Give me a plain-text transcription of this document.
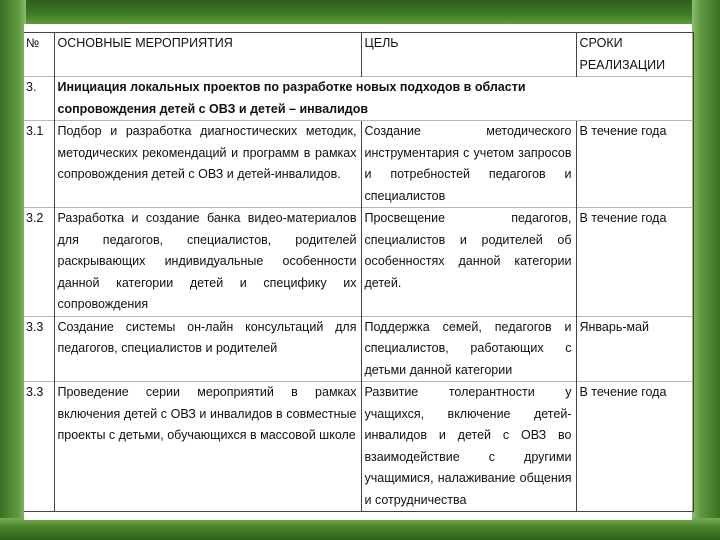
№	ОСНОВНЫЕ МЕРОПРИЯТИЯ	ЦЕЛЬ	СРОКИ РЕАЛИЗАЦИИ
3.	Инициация локальных проектов по разработке новых подходов в области сопровождения детей с ОВЗ и детей – инвалидов		
3.1	Подбор и разработка диагностических методик, методических рекомендаций и программ в рамках сопровождения детей с ОВЗ и детей-инвалидов.	Создание методического инструментария с учетом запросов и потребностей педагогов и специалистов	В течение года
3.2	Разработка и создание банка видео-материалов для педагогов, специалистов, родителей раскрывающих индивидуальные особенности данной категории детей и специфику их сопровождения	Просвещение педагогов, специалистов и родителей об особенностях данной категории детей.	В течение года
3.3	Создание системы он-лайн консультаций для педагогов, специалистов и родителей	Поддержка семей, педагогов и специалистов, работающих с детьми данной категории	Январь-май
3.3	Проведение серии мероприятий в рамках включения детей с ОВЗ и инвалидов в совместные проекты с детьми, обучающихся в массовой школе	Развитие толерантности у учащихся, включение детей-инвалидов и детей с ОВЗ во взаимодействие с другими учащимися, налаживание общения и сотрудничества	В течение года
